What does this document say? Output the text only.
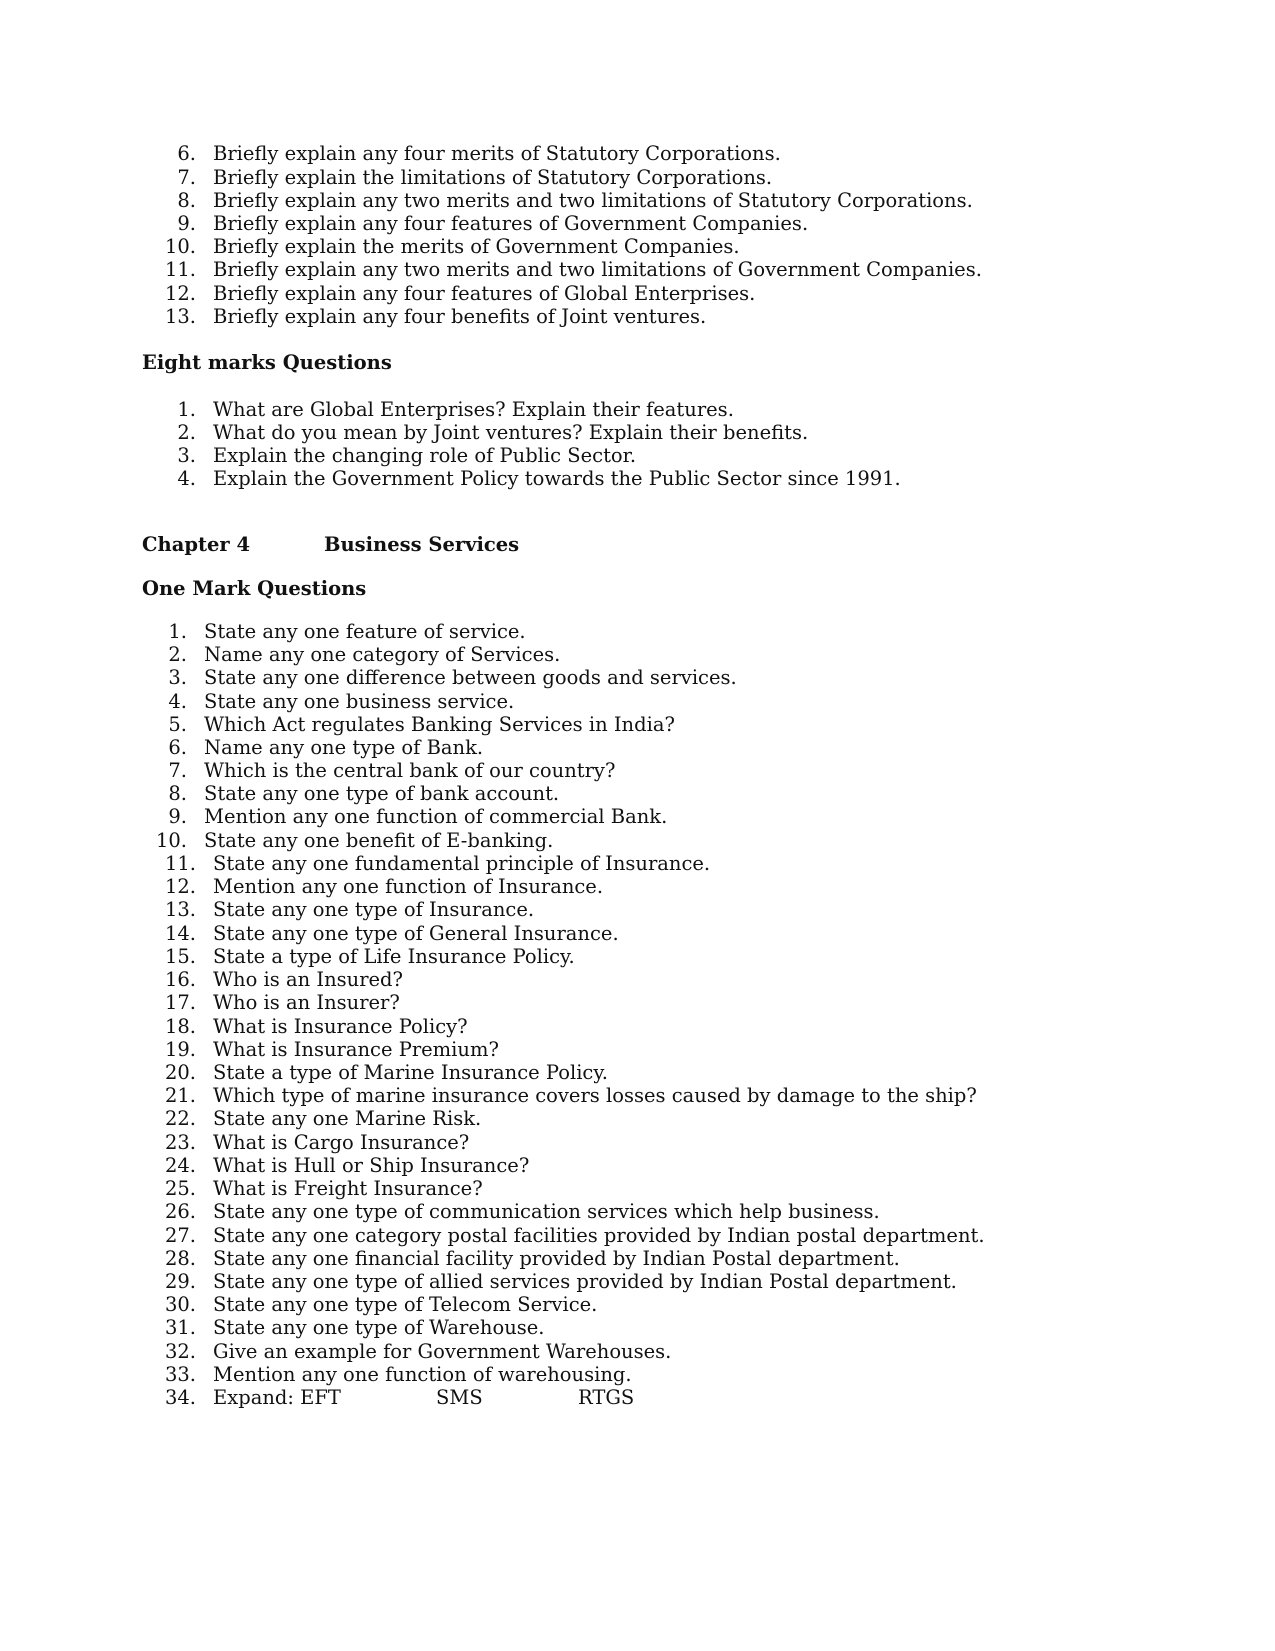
6. Briefly explain any four merits of Statutory Corporations.
7. Briefly explain the limitations of Statutory Corporations.
8. Briefly explain any two merits and two limitations of Statutory Corporations.
9. Briefly explain any four features of Government Companies.
10. Briefly explain the merits of Government Companies.
11. Briefly explain any two merits and two limitations of Government Companies.
12. Briefly explain any four features of Global Enterprises.
13. Briefly explain any four benefits of Joint ventures.
Eight marks Questions
1. What are Global Enterprises? Explain their features.
2. What do you mean by Joint ventures? Explain their benefits.
3. Explain the changing role of Public Sector.
4. Explain the Government Policy towards the Public Sector since 1991.
Chapter 4	Business Services
One Mark Questions
1. State any one feature of service.
2. Name any one category of Services.
3. State any one difference between goods and services.
4. State any one business service.
5. Which Act regulates Banking Services in India?
6. Name any one type of Bank.
7. Which is the central bank of our country?
8. State any one type of bank account.
9. Mention any one function of commercial Bank.
10. State any one benefit of E-banking.
11. State any one fundamental principle of Insurance.
12. Mention any one function of Insurance.
13. State any one type of Insurance.
14. State any one type of General Insurance.
15. State a type of Life Insurance Policy.
16. Who is an Insured?
17. Who is an Insurer?
18. What is Insurance Policy?
19. What is Insurance Premium?
20. State a type of Marine Insurance Policy.
21. Which type of marine insurance covers losses caused by damage to the ship?
22. State any one Marine Risk.
23. What is Cargo Insurance?
24. What is Hull or Ship Insurance?
25. What is Freight Insurance?
26. State any one type of communication services which help business.
27. State any one category postal facilities provided by Indian postal department.
28. State any one financial facility provided by Indian Postal department.
29. State any one type of allied services provided by Indian Postal department.
30. State any one type of Telecom Service.
31. State any one type of Warehouse.
32. Give an example for Government Warehouses.
33. Mention any one function of warehousing.
34. Expand: EFT	SMS	RTGS
